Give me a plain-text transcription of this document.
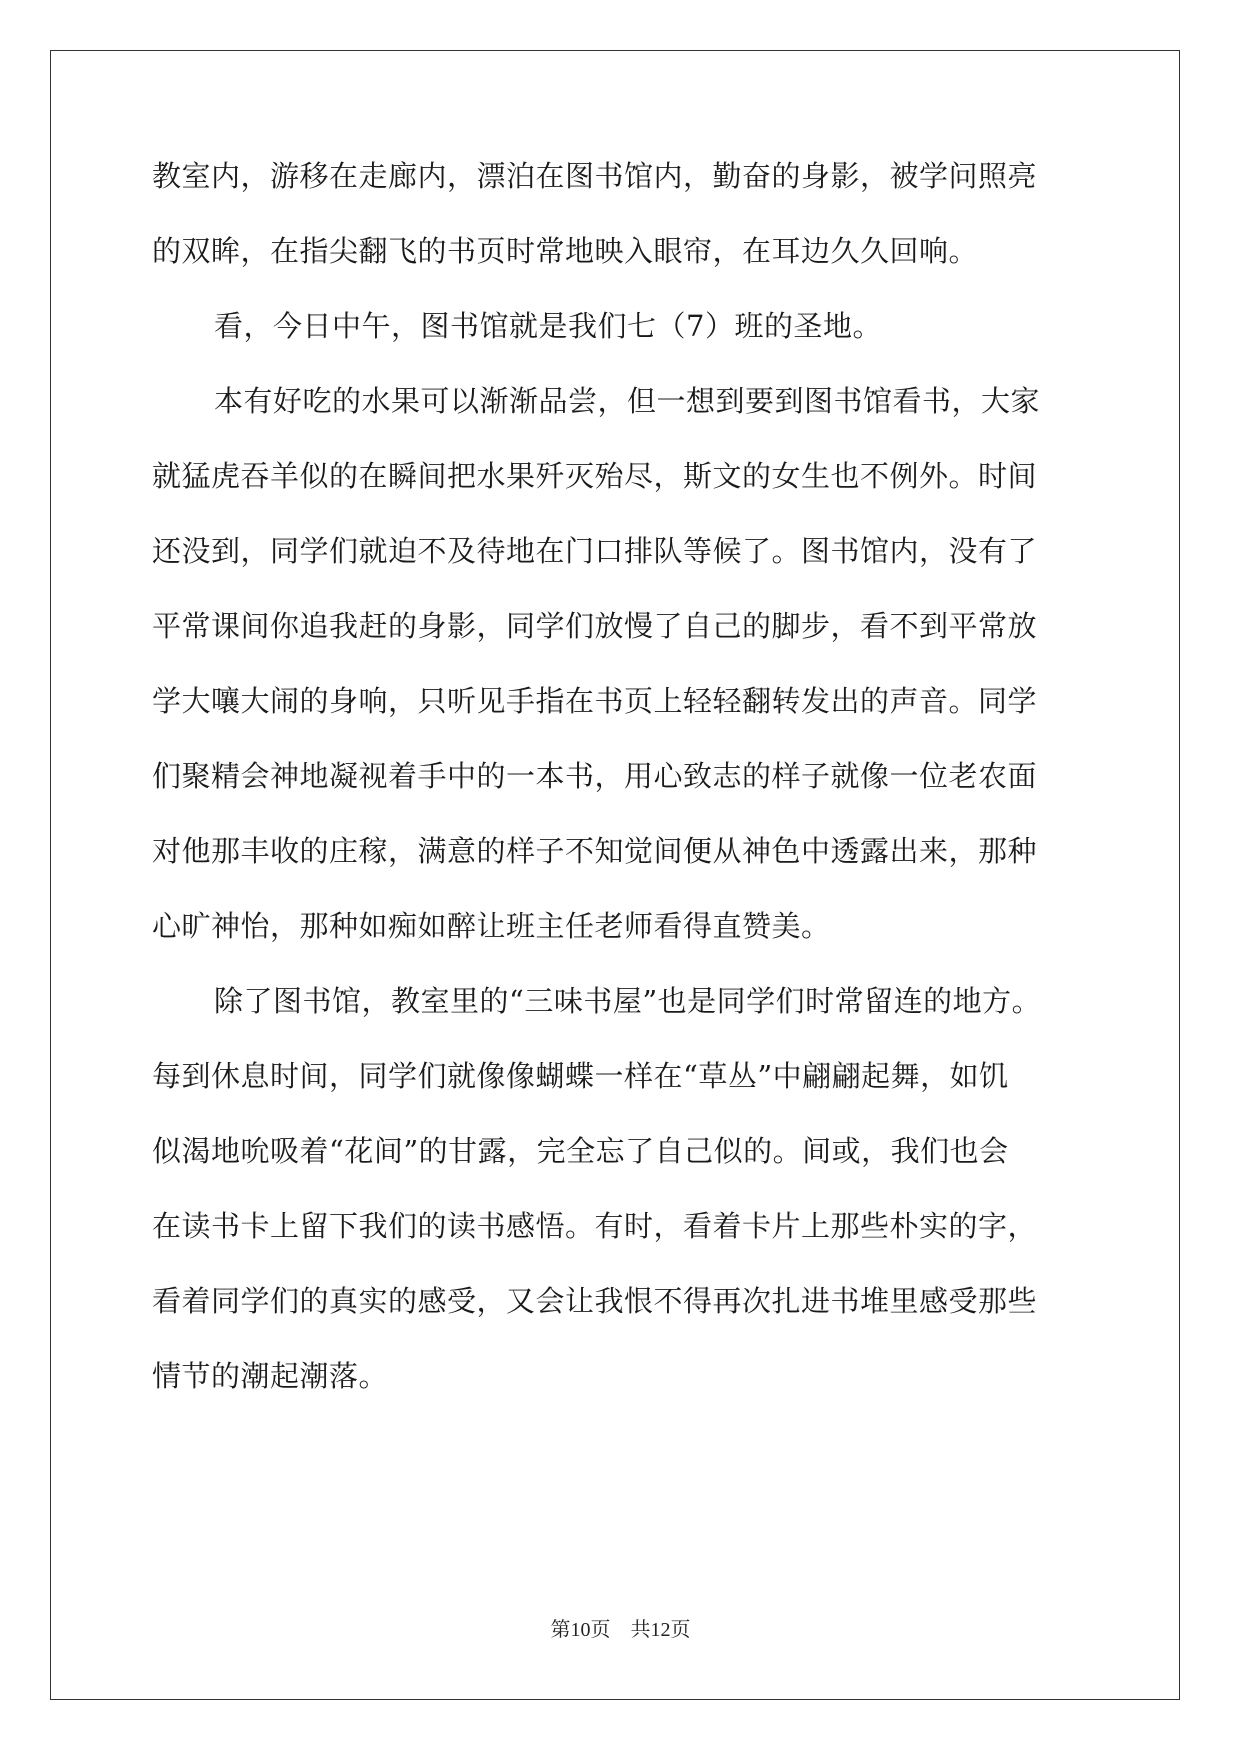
教室内，游移在走廊内，漂泊在图书馆内，勤奋的身影，被学问照亮
的双眸，在指尖翻飞的书页时常地映入眼帘，在耳边久久回响。
看，今日中午，图书馆就是我们七（7）班的圣地。
本有好吃的水果可以渐渐品尝，但一想到要到图书馆看书，大家
就猛虎吞羊似的在瞬间把水果歼灭殆尽，斯文的女生也不例外。时间
还没到，同学们就迫不及待地在门口排队等候了。图书馆内，没有了
平常课间你追我赶的身影，同学们放慢了自己的脚步，看不到平常放
学大嚷大闹的身响，只听见手指在书页上轻轻翻转发出的声音。同学
们聚精会神地凝视着手中的一本书，用心致志的样子就像一位老农面
对他那丰收的庄稼，满意的样子不知觉间便从神色中透露出来，那种
心旷神怡，那种如痴如醉让班主任老师看得直赞美。
除了图书馆，教室里的“三味书屋”也是同学们时常留连的地方。
每到休息时间，同学们就像像蝴蝶一样在“草丛”中翩翩起舞，如饥
似渴地吮吸着“花间”的甘露，完全忘了自己似的。间或，我们也会
在读书卡上留下我们的读书感悟。有时，看着卡片上那些朴实的字，
看着同学们的真实的感受，又会让我恨不得再次扎进书堆里感受那些
情节的潮起潮落。
第10页　共12页
